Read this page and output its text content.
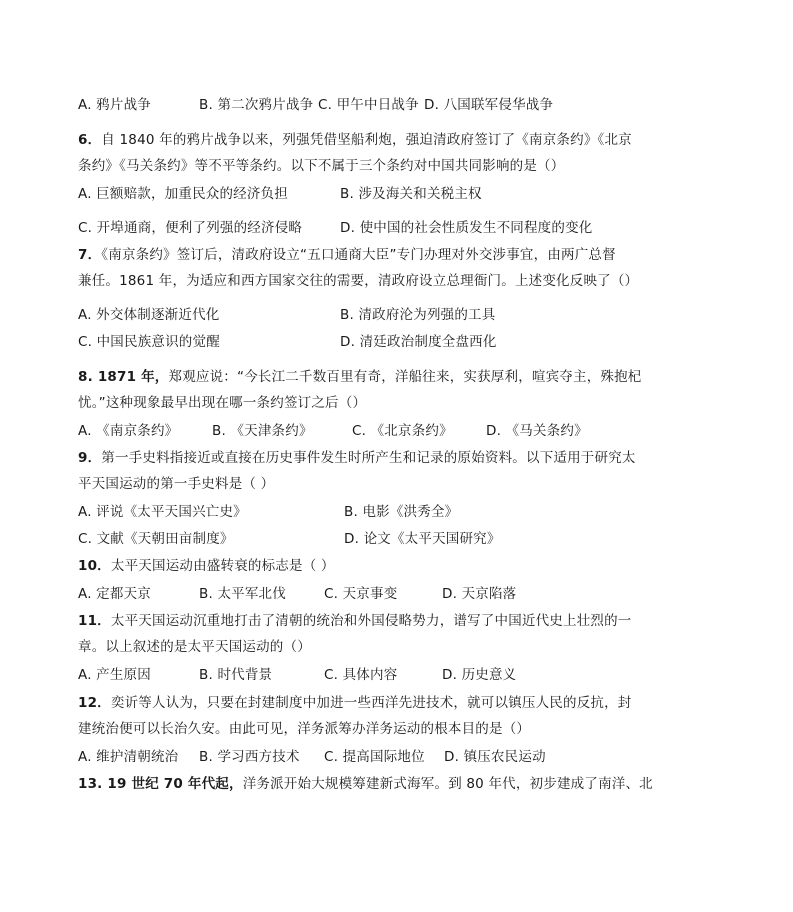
A. 鸦片战争	B. 第二次鸦片战争 C. 甲午中日战争 D. 八国联军侵华战争
6．自 1840 年的鸦片战争以来，列强凭借坚船利炮，强迫清政府签订了《南京条约》《北京
条约》《马关条约》等不平等条约。以下不属于三个条约对中国共同影响的是（）
A. 巨额赔款，加重民众的经济负担	B. 涉及海关和关税主权
C. 开埠通商，便利了列强的经济侵略	D. 使中国的社会性质发生不同程度的变化
7．《南京条约》签订后，清政府设立“五口通商大臣”专门办理对外交涉事宜，由两广总督
兼任。1861 年，为适应和西方国家交往的需要，清政府设立总理衙门。上述变化反映了（）
A. 外交体制逐渐近代化	B. 清政府沦为列强的工具
C. 中国民族意识的觉醒	D. 清廷政治制度全盘西化
8. 1871 年，郑观应说：“今长江二千数百里有奇，洋船往来，实获厚利，喧宾夺主，殊抱杞
忧。”这种现象最早出现在哪一条约签订之后（）
A. 《南京条约》 B. 《天津条约》	C. 《北京条约》 D. 《马关条约》
9．第一手史料指接近或直接在历史事件发生时所产生和记录的原始资料。以下适用于研究太
平天国运动的第一手史料是（ ）
A. 评说《太平天国兴亡史》	B. 电影《洪秀全》
C. 文献《天朝田亩制度》	D. 论文《太平天国研究》
10．太平天国运动由盛转衰的标志是（ ）
A. 定都天京	B. 太平军北伐	C. 天京事变	D. 天京陷落
11．太平天国运动沉重地打击了清朝的统治和外国侵略势力，谱写了中国近代史上壮烈的一
章。以上叙述的是太平天国运动的（）
A. 产生原因	B. 时代背景	C. 具体内容	D. 历史意义
12．奕䜣等人认为，只要在封建制度中加进一些西洋先进技术，就可以镇压人民的反抗，封
建统治便可以长治久安。由此可见，洋务派筹办洋务运动的根本目的是（）
A. 维护清朝统治 B. 学习西方技术 C. 提高国际地位 D. 镇压农民运动
13. 19 世纪 70 年代起，洋务派开始大规模筹建新式海军。到 80 年代，初步建成了南洋、北
